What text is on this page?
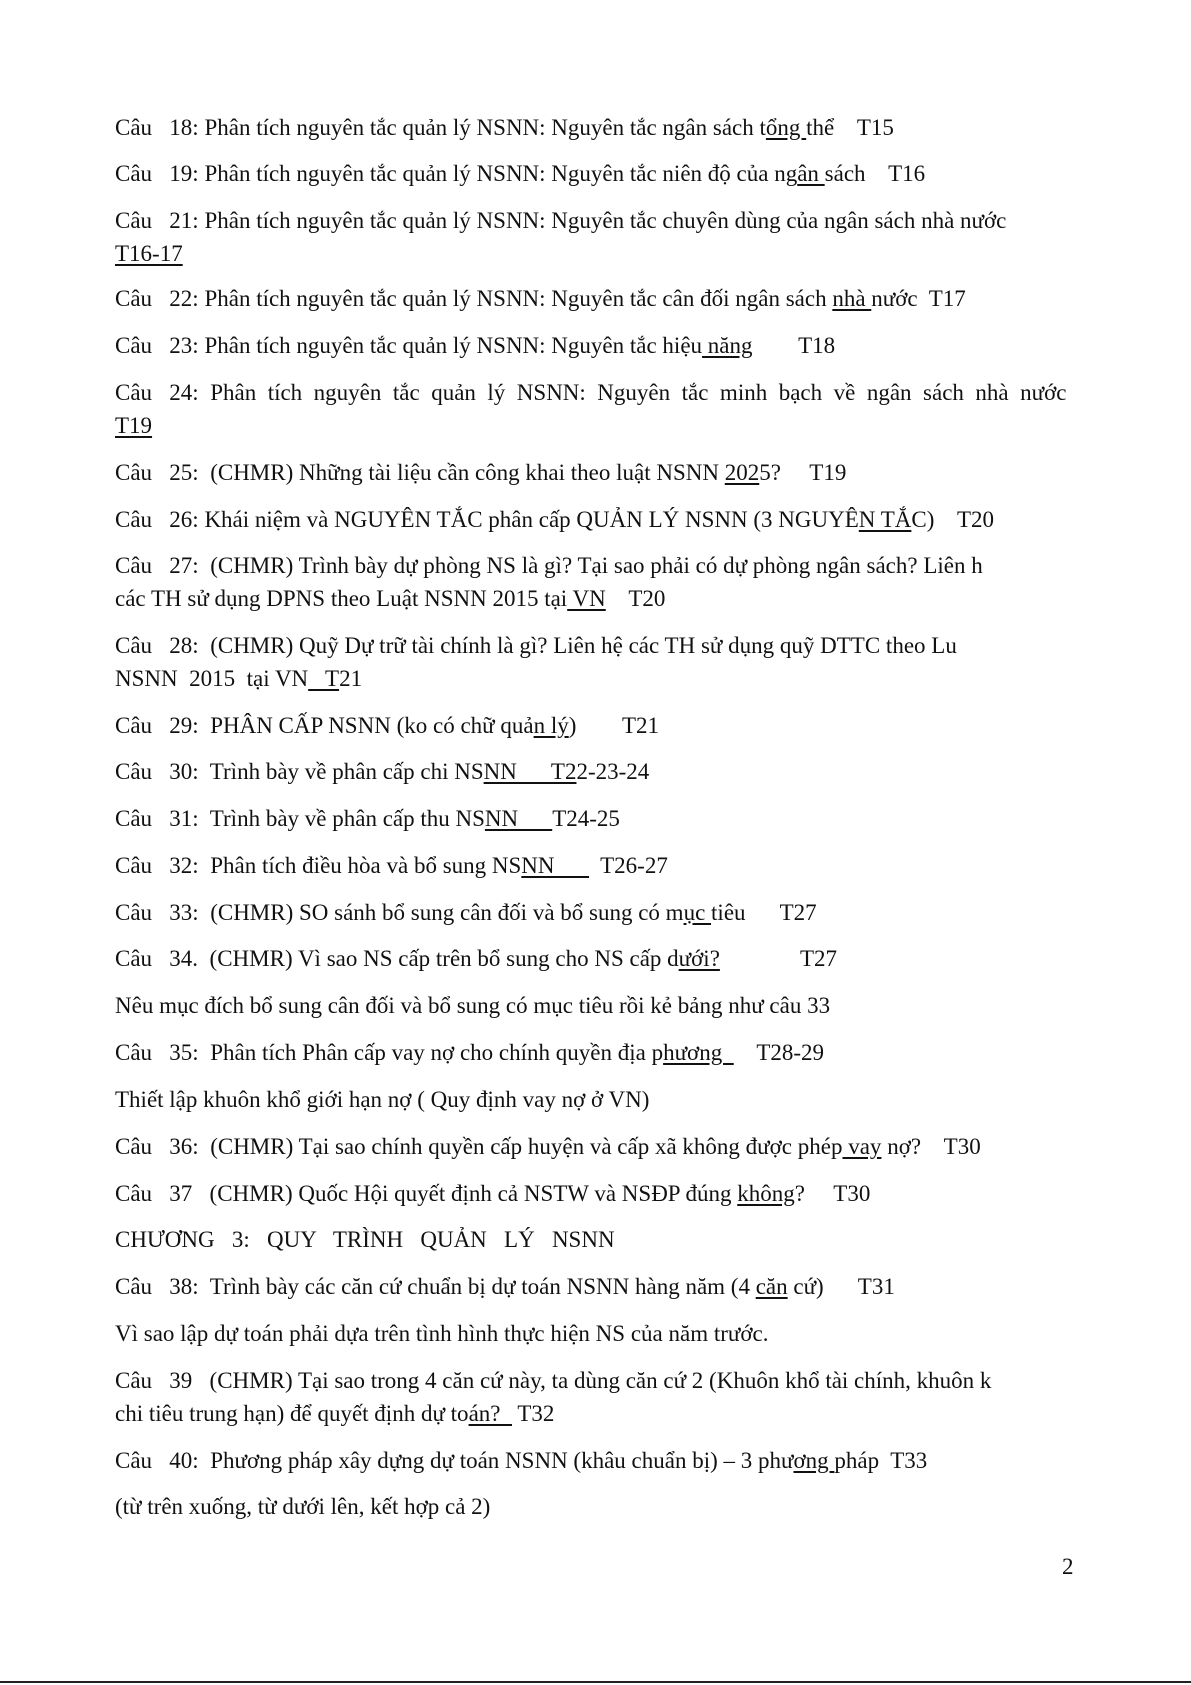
Câu   18: Phân tích nguyên tắc quản lý NSNN: Nguyên tắc ngân sách tổng thể    T15
Câu   19: Phân tích nguyên tắc quản lý NSNN: Nguyên tắc niên độ của ngân sách    T16
Câu   21: Phân tích nguyên tắc quản lý NSNN: Nguyên tắc chuyên dùng của ngân sách nhà nước
T16-17
Câu   22: Phân tích nguyên tắc quản lý NSNN: Nguyên tắc cân đối ngân sách nhà nước  T17
Câu   23: Phân tích nguyên tắc quản lý NSNN: Nguyên tắc hiệu năng        T18
Câu   24:  Phân  tích  nguyên  tắc  quản  lý  NSNN:  Nguyên  tắc  minh  bạch  về  ngân  sách  nhà  nước
T19
Câu   25:  (CHMR) Những tài liệu cần công khai theo luật NSNN 2025?     T19
Câu   26: Khái niệm và NGUYÊN TẮC phân cấp QUẢN LÝ NSNN (3 NGUYÊN TẮC)    T20
Câu   27:  (CHMR) Trình bày dự phòng NS là gì? Tại sao phải có dự phòng ngân sách? Liên h
các TH sử dụng DPNS theo Luật NSNN 2015 tại VN    T20
Câu   28:  (CHMR) Quỹ Dự trữ tài chính là gì? Liên hệ các TH sử dụng quỹ DTTC theo Lu
NSNN  2015  tại VN   T21
Câu   29:  PHÂN CẤP NSNN (ko có chữ quản lý)        T21
Câu   30:  Trình bày về phân cấp chi NSNN      T22-23-24
Câu   31:  Trình bày về phân cấp thu NSNN      T24-25
Câu   32:  Phân tích điều hòa và bổ sung NSNN        T26-27
Câu   33:  (CHMR) SO sánh bổ sung cân đối và bổ sung có mục tiêu      T27
Câu   34.  (CHMR) Vì sao NS cấp trên bổ sung cho NS cấp dưới?              T27
Nêu mục đích bổ sung cân đối và bổ sung có mục tiêu rồi kẻ bảng như câu 33
Câu   35:  Phân tích Phân cấp vay nợ cho chính quyền địa phương      T28-29
Thiết lập khuôn khổ giới hạn nợ ( Quy định vay nợ ở VN)
Câu   36:  (CHMR) Tại sao chính quyền cấp huyện và cấp xã không được phép vay nợ?    T30
Câu   37   (CHMR) Quốc Hội quyết định cả NSTW và NSĐP đúng không?     T30
CHƯƠNG   3:   QUY   TRÌNH   QUẢN   LÝ   NSNN
Câu   38:  Trình bày các căn cứ chuẩn bị dự toán NSNN hàng năm (4 căn cứ)      T31
Vì sao lập dự toán phải dựa trên tình hình thực hiện NS của năm trước.
Câu   39   (CHMR) Tại sao trong 4 căn cứ này, ta dùng căn cứ 2 (Khuôn khổ tài chính, khuôn k
chi tiêu trung hạn) để quyết định dự toán?   T32
Câu   40:  Phương pháp xây dựng dự toán NSNN (khâu chuẩn bị) – 3 phương pháp  T33
(từ trên xuống, từ dưới lên, kết hợp cả 2)
2
